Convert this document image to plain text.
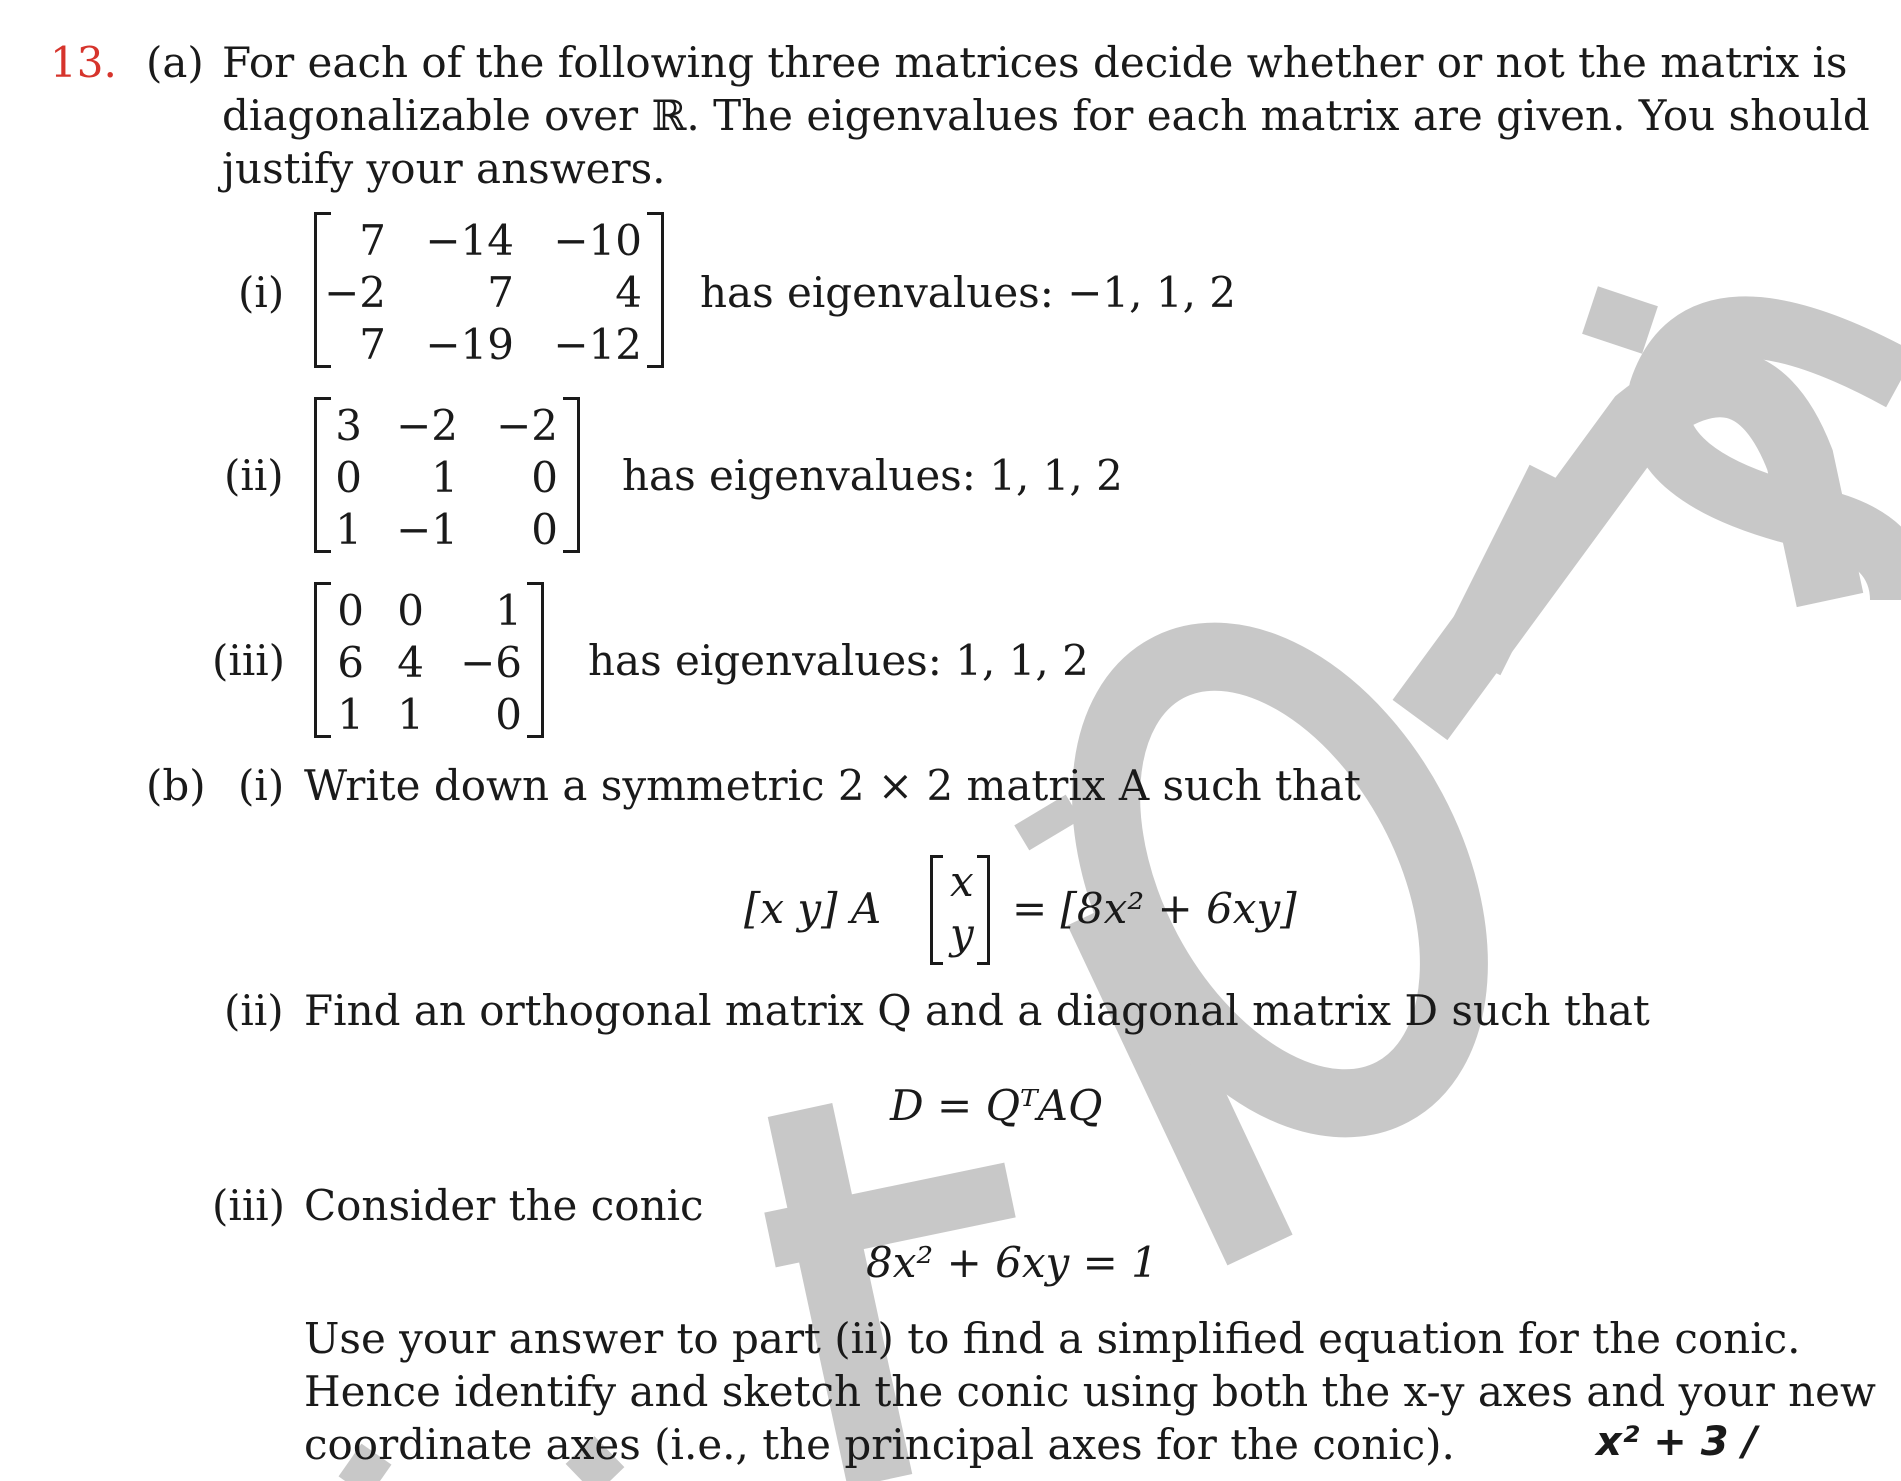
13. (a) For each of the following three matrices decide whether or not the matrix is
diagonalizable over ℝ. The eigenvalues for each matrix are given. You should
justify your answers.
(i)
7 −14 −10
−2 7 4
7 −19 −12
has eigenvalues: −1, 1, 2
(ii)
3 −2 −2
0 1 0
1 −1 0
has eigenvalues: 1, 1, 2
(iii)
0 0 1
6 4 −6
1 1 0
has eigenvalues: 1, 1, 2
(b) (i) Write down a symmetric 2 × 2 matrix A such that
[x y] A
x
y
= [8x² + 6xy]
(ii) Find an orthogonal matrix Q and a diagonal matrix D such that
D = QᵀAQ
(iii) Consider the conic
8x² + 6xy = 1
Use your answer to part (ii) to find a simplified equation for the conic.
Hence identify and sketch the conic using both the x-y axes and your new
coordinate axes (i.e., the principal axes for the conic).	x² + 3 /
